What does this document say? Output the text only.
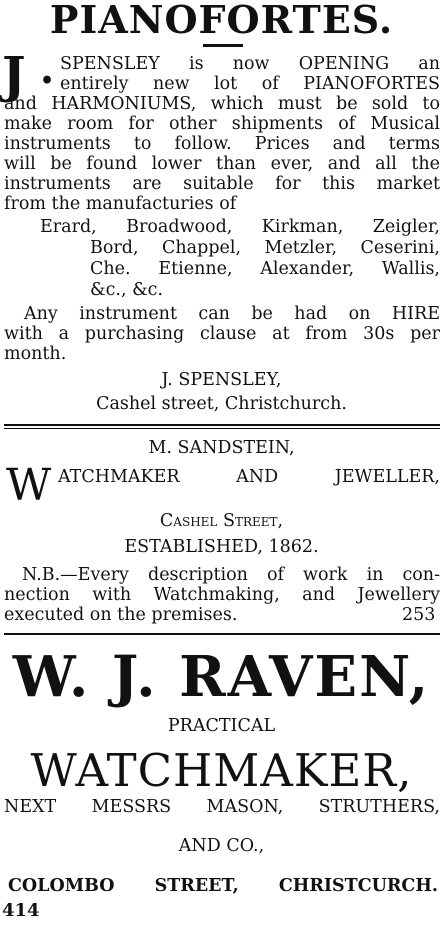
PIANOFORTES.
J •
SPENSLEY is now OPENING an
entirely new lot of PIANOFORTES
and HARMONIUMS, which must be sold to
make room for other shipments of Musical
instruments to follow. Prices and terms
will be found lower than ever, and all the
instruments are suitable for this market
from the manufacturies of
Erard, Broadwood, Kirkman, Zeigler,
Bord, Chappel, Metzler, Ceserini,
Che. Etienne, Alexander, Wallis,
&c., &c.
Any instrument can be had on HIRE
with a purchasing clause at from 30s per
month.
J. SPENSLEY,
Cashel street, Christchurch.
M. SANDSTEIN,
W ATCHMAKER AND JEWELLER,
Cashel Street,
ESTABLISHED, 1862.
N.B.—Every description of work in con-
nection with Watchmaking, and Jewellery
executed on the premises.	253
W. J. RAVEN,
PRACTICAL
WATCHMAKER,
NEXT MESSRS MASON, STRUTHERS,
AND CO.,
COLOMBO STREET, CHRISTCURCH.
414
